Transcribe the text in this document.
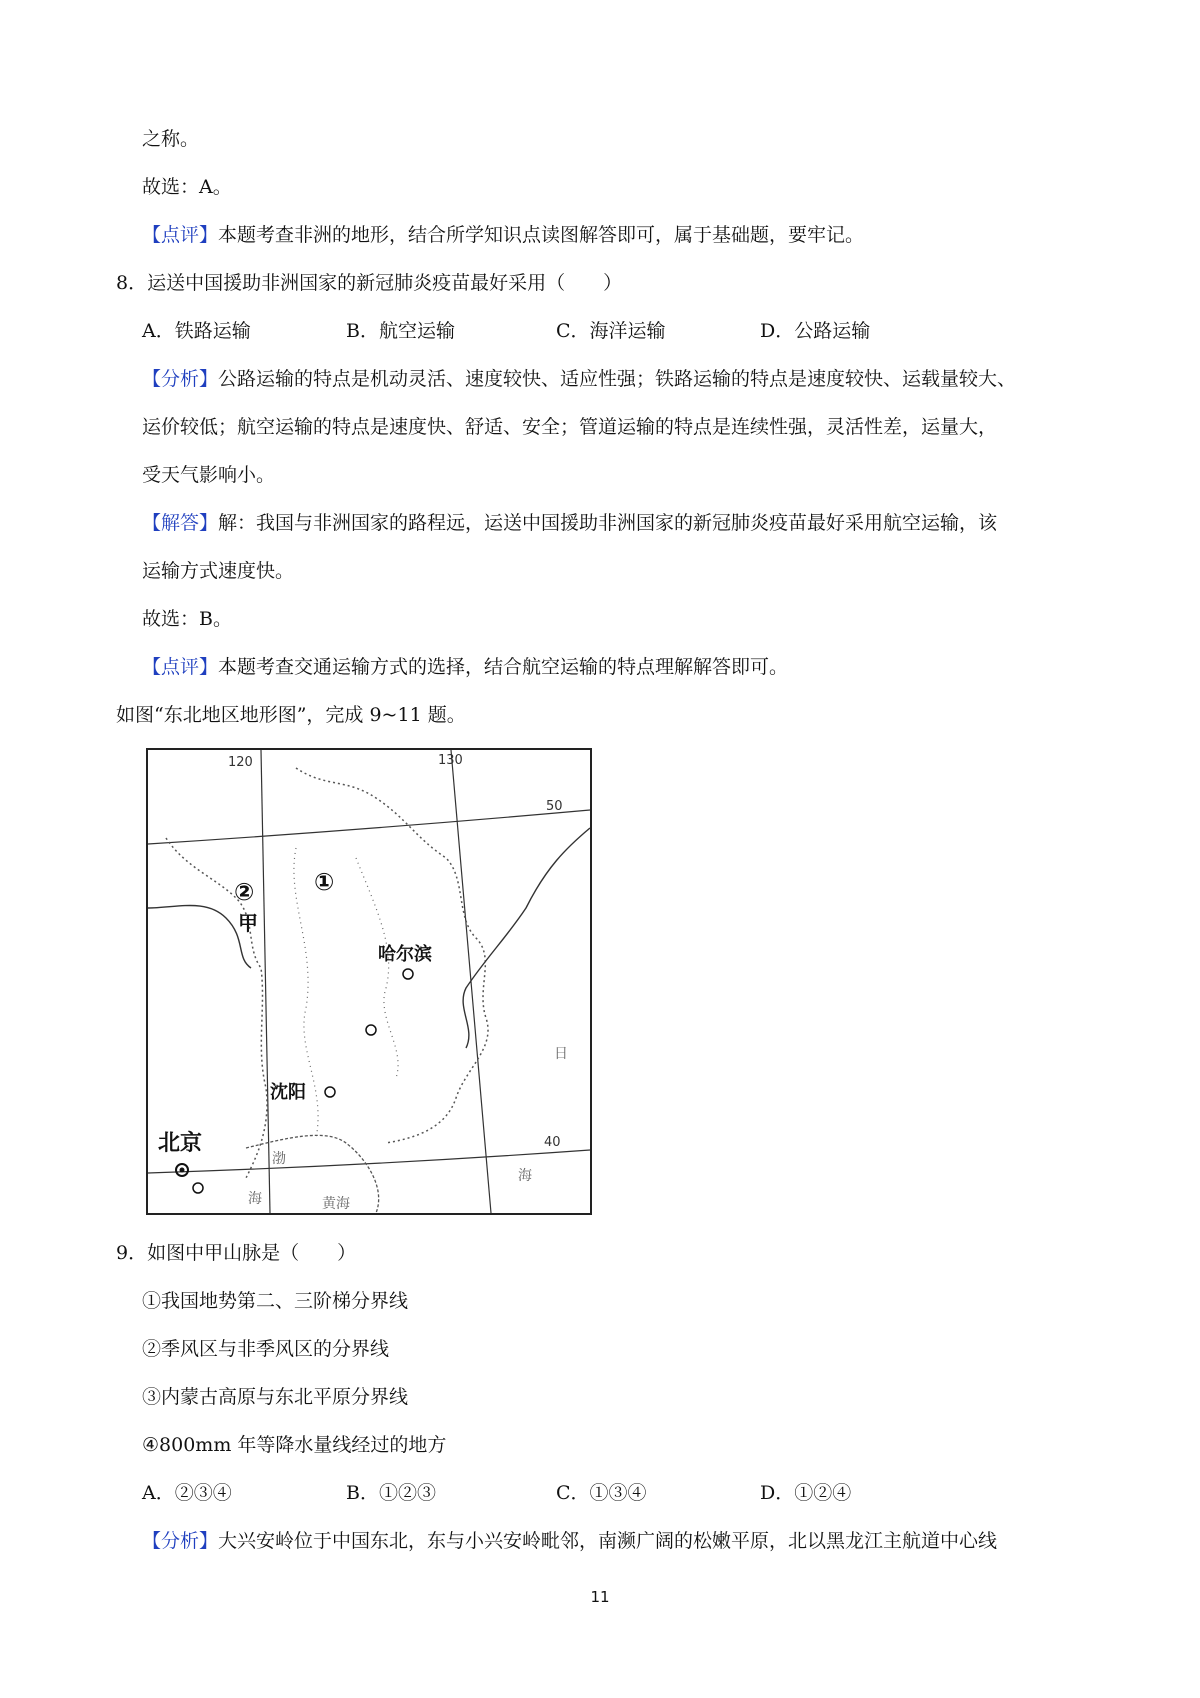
之称。
故选：A。
【点评】本题考查非洲的地形，结合所学知识点读图解答即可，属于基础题，要牢记。
8．运送中国援助非洲国家的新冠肺炎疫苗最好采用（　　）
A．铁路运输	B．航空运输	C．海洋运输	D．公路运输
【分析】公路运输的特点是机动灵活、速度较快、适应性强；铁路运输的特点是速度较快、运载量较大、
运价较低；航空运输的特点是速度快、舒适、安全；管道运输的特点是连续性强，灵活性差，运量大，
受天气影响小。
【解答】解：我国与非洲国家的路程远，运送中国援助非洲国家的新冠肺炎疫苗最好采用航空运输，该
运输方式速度快。
故选：B。
【点评】本题考查交通运输方式的选择，结合航空运输的特点理解解答即可。
如图“东北地区地形图”，完成 9~11 题。
120	130
50
40
② ①
甲
哈尔滨
沈阳
北京
渤
海	黄海
海
日
9．如图中甲山脉是（　　）
①我国地势第二、三阶梯分界线
②季风区与非季风区的分界线
③内蒙古高原与东北平原分界线
④800mm 年等降水量线经过的地方
A．②③④	B．①②③	C．①③④	D．①②④
【分析】大兴安岭位于中国东北，东与小兴安岭毗邻，南濒广阔的松嫩平原，北以黑龙江主航道中心线
11
